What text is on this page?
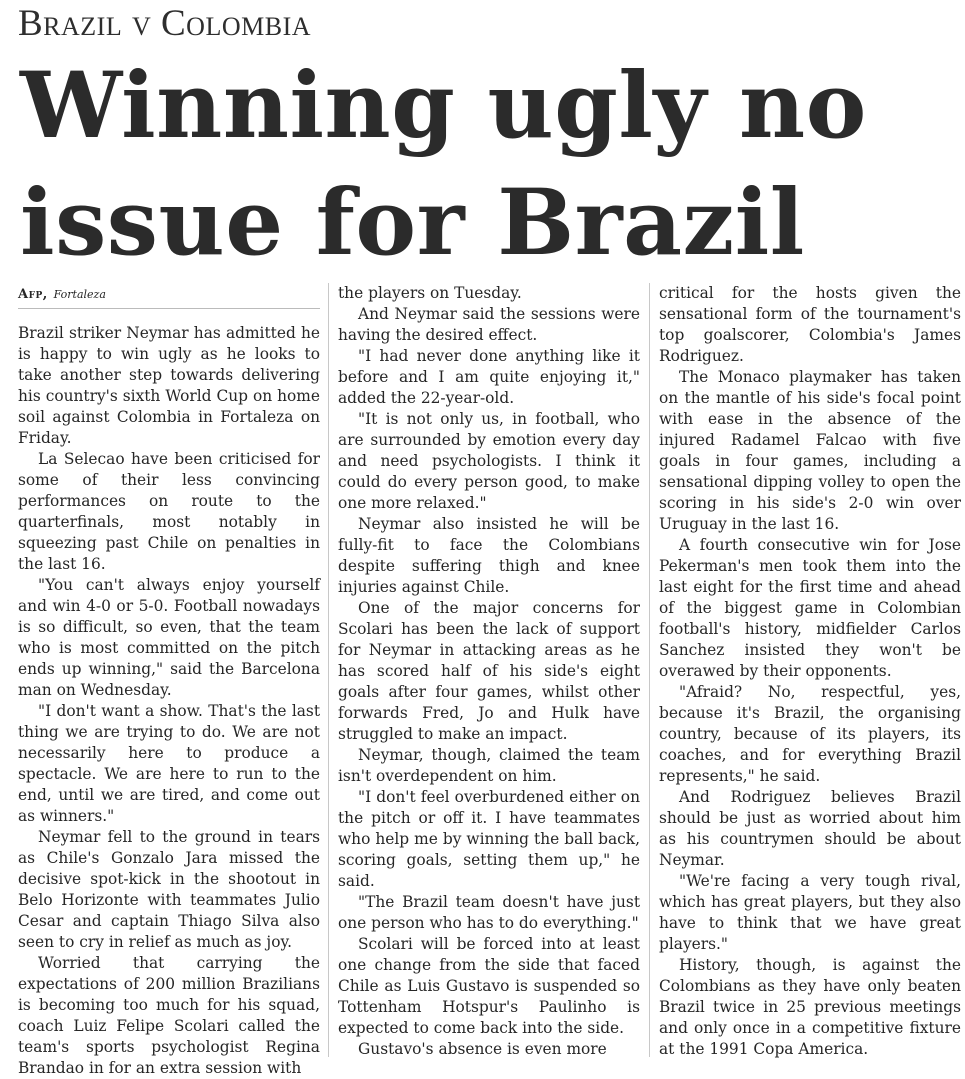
Brazil v Colombia
Winning ugly no issue for Brazil
Afp, Fortaleza

Brazil striker Neymar has admitted he is happy to win ugly as he looks to take another step towards delivering his country's sixth World Cup on home soil against Colombia in Fortaleza on Friday.

La Selecao have been criticised for some of their less convincing performances on route to the quarterfinals, most notably in squeezing past Chile on penalties in the last 16.

"You can't always enjoy yourself and win 4-0 or 5-0. Football nowadays is so difficult, so even, that the team who is most committed on the pitch ends up winning," said the Barcelona man on Wednesday.

"I don't want a show. That's the last thing we are trying to do. We are not necessarily here to produce a spectacle. We are here to run to the end, until we are tired, and come out as winners."

Neymar fell to the ground in tears as Chile's Gonzalo Jara missed the decisive spot-kick in the shootout in Belo Horizonte with teammates Julio Cesar and captain Thiago Silva also seen to cry in relief as much as joy.

Worried that carrying the expectations of 200 million Brazilians is becoming too much for his squad, coach Luiz Felipe Scolari called the team's sports psychologist Regina Brandao in for an extra session with

the players on Tuesday.

And Neymar said the sessions were having the desired effect.

"I had never done anything like it before and I am quite enjoying it," added the 22-year-old.

"It is not only us, in football, who are surrounded by emotion every day and need psychologists. I think it could do every person good, to make one more relaxed."

Neymar also insisted he will be fully-fit to face the Colombians despite suffering thigh and knee injuries against Chile.

One of the major concerns for Scolari has been the lack of support for Neymar in attacking areas as he has scored half of his side's eight goals after four games, whilst other forwards Fred, Jo and Hulk have struggled to make an impact.

Neymar, though, claimed the team isn't overdependent on him.

"I don't feel overburdened either on the pitch or off it. I have teammates who help me by winning the ball back, scoring goals, setting them up," he said.

"The Brazil team doesn't have just one person who has to do everything."

Scolari will be forced into at least one change from the side that faced Chile as Luis Gustavo is suspended so Tottenham Hotspur's Paulinho is expected to come back into the side.

Gustavo's absence is even more

critical for the hosts given the sensational form of the tournament's top goalscorer, Colombia's James Rodriguez.

The Monaco playmaker has taken on the mantle of his side's focal point with ease in the absence of the injured Radamel Falcao with five goals in four games, including a sensational dipping volley to open the scoring in his side's 2-0 win over Uruguay in the last 16.

A fourth consecutive win for Jose Pekerman's men took them into the last eight for the first time and ahead of the biggest game in Colombian football's history, midfielder Carlos Sanchez insisted they won't be overawed by their opponents.

"Afraid? No, respectful, yes, because it's Brazil, the organising country, because of its players, its coaches, and for everything Brazil represents," he said.

And Rodriguez believes Brazil should be just as worried about him as his countrymen should be about Neymar.

"We're facing a very tough rival, which has great players, but they also have to think that we have great players."

History, though, is against the Colombians as they have only beaten Brazil twice in 25 previous meetings and only once in a competitive fixture at the 1991 Copa America.
